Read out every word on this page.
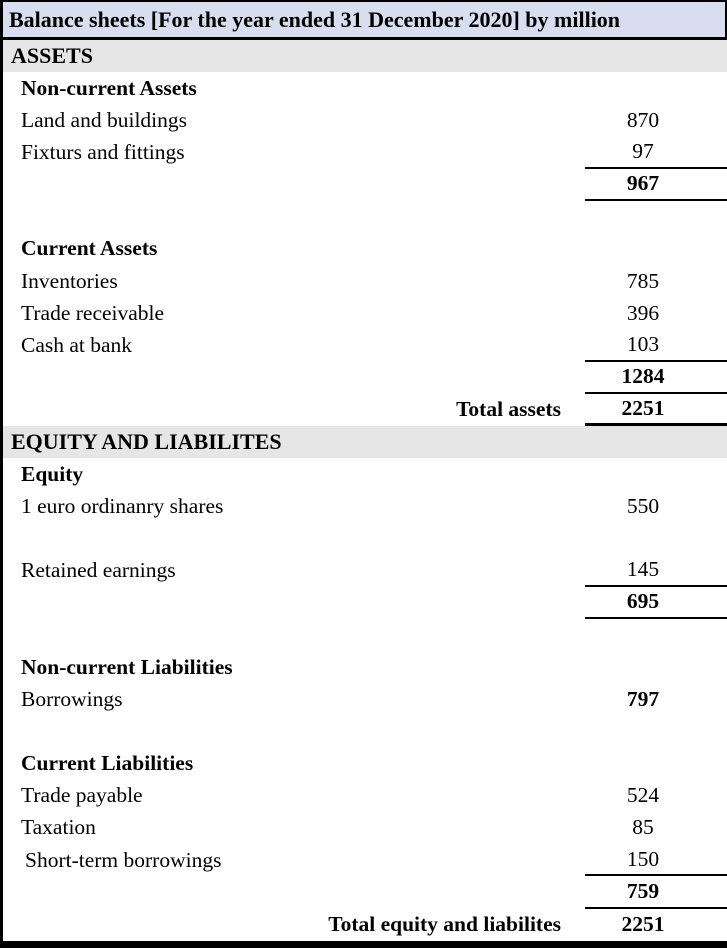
Balance sheets [For the year ended 31 December 2020] by million
ASSETS
Non-current Assets
Land and buildings	870
Fixturs and fittings	97
967
Current Assets
Inventories	785
Trade receivable	396
Cash at bank	103
1284
Total assets	2251
EQUITY AND LIABILITES
Equity
1 euro ordinanry shares	550
Retained earnings	145
695
Non-current Liabilities
Borrowings	797
Current Liabilities
Trade payable	524
Taxation	85
Short-term borrowings	150
759
Total equity and liabilites	2251
